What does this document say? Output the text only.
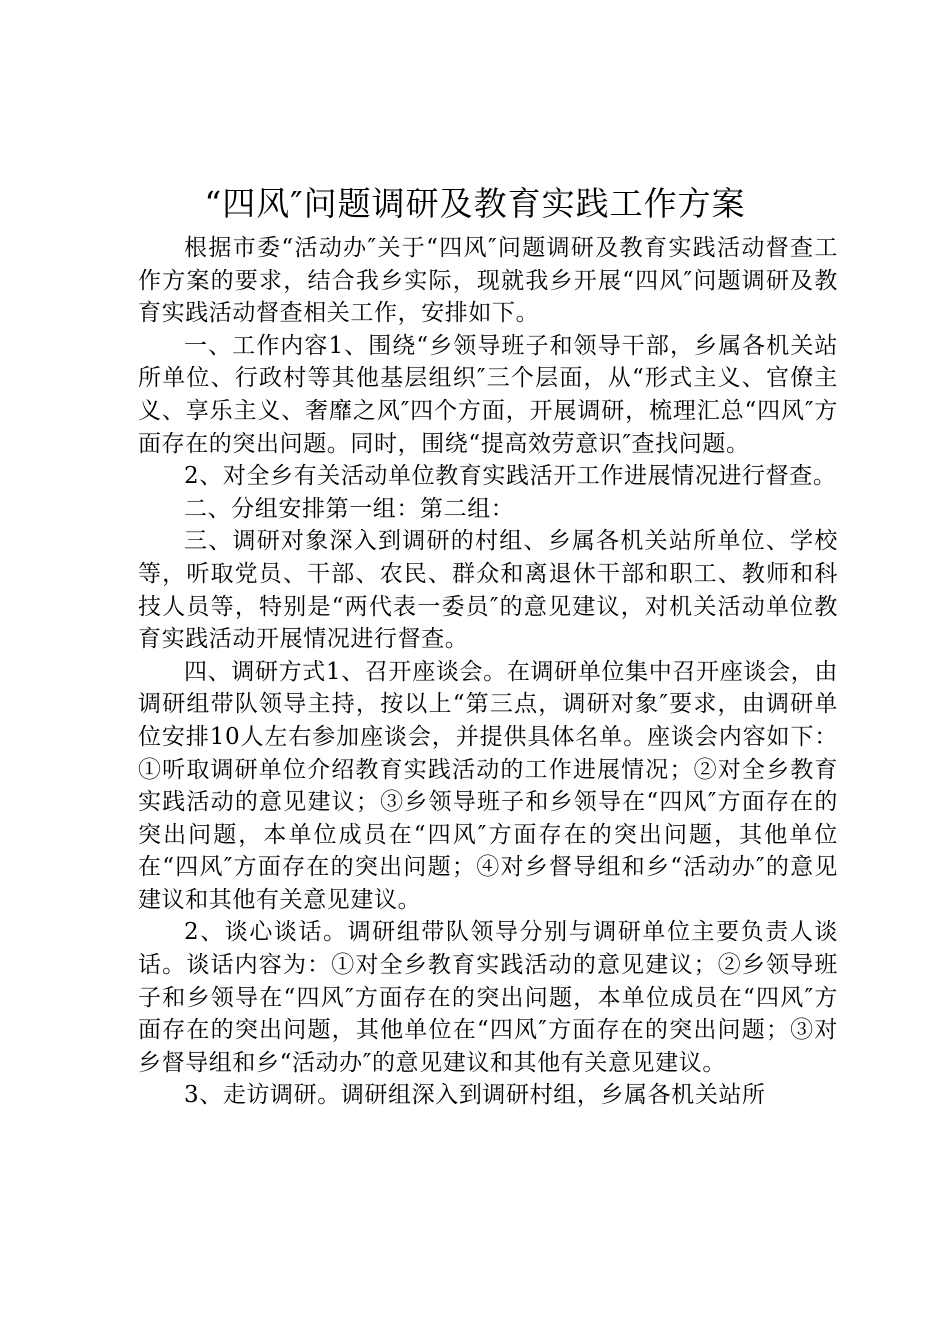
“四风″问题调研及教育实践工作方案

根据市委“活动办″关于“四风″问题调研及教育实践活动督查工作方案的要求，结合我乡实际，现就我乡开展“四风″问题调研及教育实践活动督查相关工作，安排如下。

一、工作内容1、围绕“乡领导班子和领导干部，乡属各机关站所单位、行政村等其他基层组织″三个层面，从“形式主义、官僚主义、享乐主义、奢靡之风″四个方面，开展调研，梳理汇总“四风″方面存在的突出问题。同时，围绕“提高效劳意识″查找问题。

2、对全乡有关活动单位教育实践活开工作进展情况进行督查。

二、分组安排第一组：第二组：

三、调研对象深入到调研的村组、乡属各机关站所单位、学校等，听取党员、干部、农民、群众和离退休干部和职工、教师和科技人员等，特别是“两代表一委员″的意见建议，对机关活动单位教育实践活动开展情况进行督查。

四、调研方式1、召开座谈会。在调研单位集中召开座谈会，由调研组带队领导主持，按以上“第三点，调研对象″要求，由调研单位安排10人左右参加座谈会，并提供具体名单。座谈会内容如下：①听取调研单位介绍教育实践活动的工作进展情况；②对全乡教育实践活动的意见建议；③乡领导班子和乡领导在“四风″方面存在的突出问题，本单位成员在“四风″方面存在的突出问题，其他单位在“四风″方面存在的突出问题；④对乡督导组和乡“活动办″的意见建议和其他有关意见建议。

2、谈心谈话。调研组带队领导分别与调研单位主要负责人谈话。谈话内容为：①对全乡教育实践活动的意见建议；②乡领导班子和乡领导在“四风″方面存在的突出问题，本单位成员在“四风″方面存在的突出问题，其他单位在“四风″方面存在的突出问题；③对乡督导组和乡“活动办″的意见建议和其他有关意见建议。

3、走访调研。调研组深入到调研村组，乡属各机关站所
